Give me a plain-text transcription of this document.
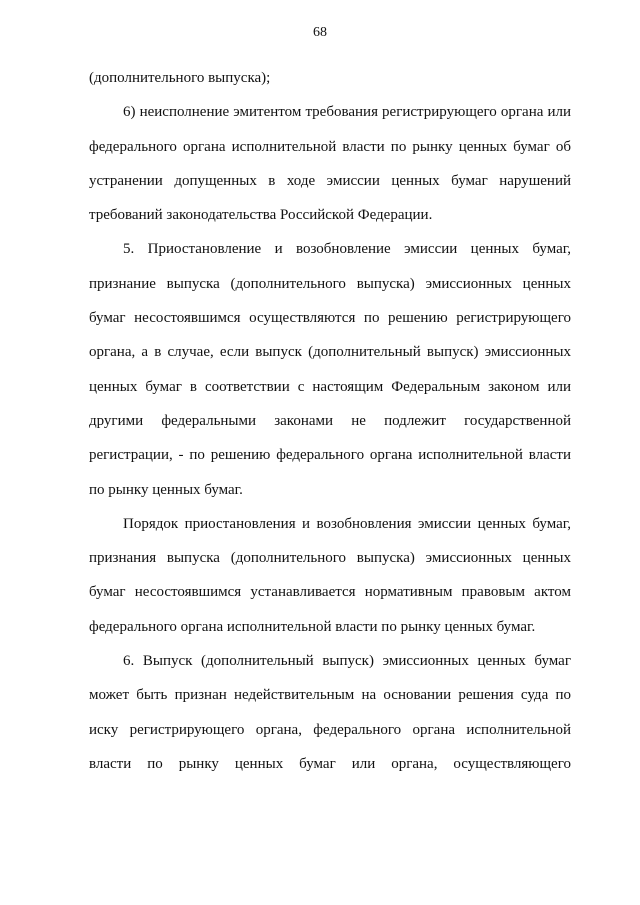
68

(дополнительного выпуска);

6) неисполнение эмитентом требования регистрирующего органа или федерального органа исполнительной власти по рынку ценных бумаг об устранении допущенных в ходе эмиссии ценных бумаг нарушений требований законодательства Российской Федерации.

5. Приостановление и возобновление эмиссии ценных бумаг, признание выпуска (дополнительного выпуска) эмиссионных ценных бумаг несостоявшимся осуществляются по решению регистрирующего органа, а в случае, если выпуск (дополнительный выпуск) эмиссионных ценных бумаг в соответствии с настоящим Федеральным законом или другими федеральными законами не подлежит государственной регистрации, - по решению федерального органа исполнительной власти по рынку ценных бумаг.

Порядок приостановления и возобновления эмиссии ценных бумаг, признания выпуска (дополнительного выпуска) эмиссионных ценных бумаг несостоявшимся устанавливается нормативным правовым актом федерального органа исполнительной власти по рынку ценных бумаг.

6. Выпуск (дополнительный выпуск) эмиссионных ценных бумаг может быть признан недействительным на основании решения суда по иску регистрирующего органа, федерального органа исполнительной власти по рынку ценных бумаг или органа, осуществляющего
